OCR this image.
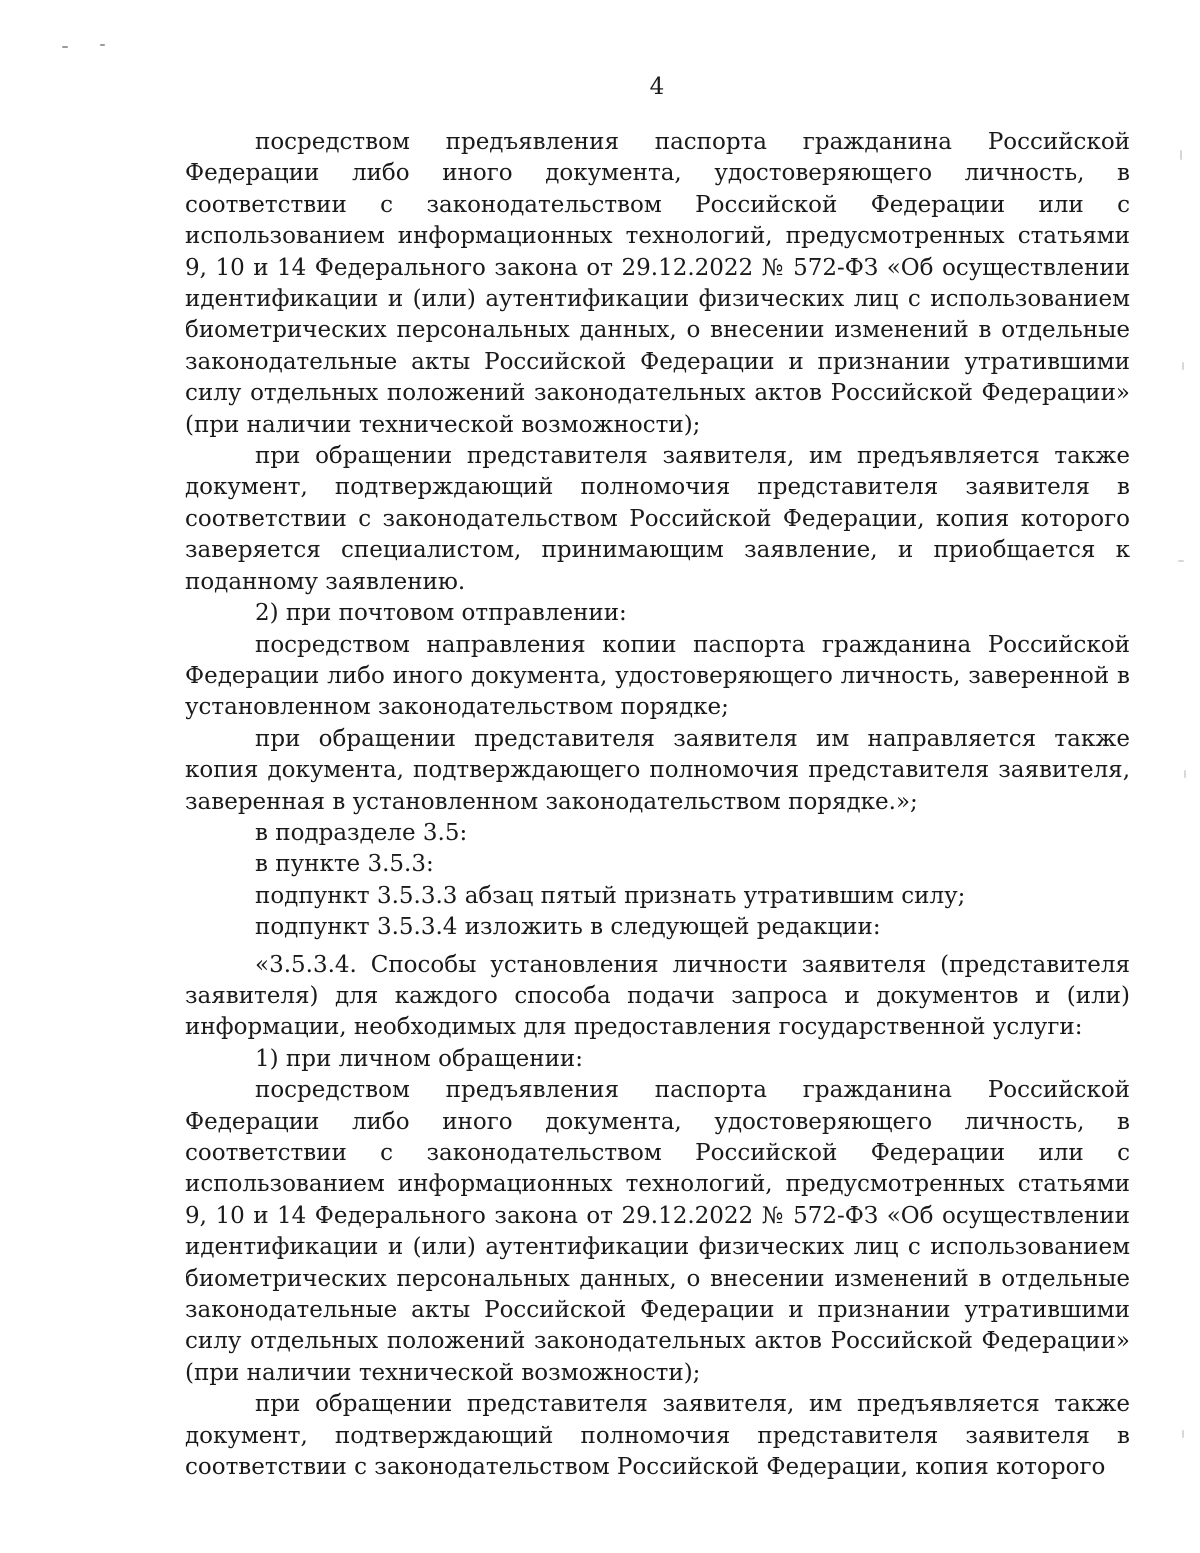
4

посредством предъявления паспорта гражданина Российской Федерации либо иного документа, удостоверяющего личность, в соответствии с законодательством Российской Федерации или с использованием информационных технологий, предусмотренных статьями 9, 10 и 14 Федерального закона от 29.12.2022 № 572-ФЗ «Об осуществлении идентификации и (или) аутентификации физических лиц с использованием биометрических персональных данных, о внесении изменений в отдельные законодательные акты Российской Федерации и признании утратившими силу отдельных положений законодательных актов Российской Федерации» (при наличии технической возможности);

при обращении представителя заявителя, им предъявляется также документ, подтверждающий полномочия представителя заявителя в соответствии с законодательством Российской Федерации, копия которого заверяется специалистом, принимающим заявление, и приобщается к поданному заявлению.

2) при почтовом отправлении:

посредством направления копии паспорта гражданина Российской Федерации либо иного документа, удостоверяющего личность, заверенной в установленном законодательством порядке;

при обращении представителя заявителя им направляется также копия документа, подтверждающего полномочия представителя заявителя, заверенная в установленном законодательством порядке.»;

в подразделе 3.5:

в пункте 3.5.3:

подпункт 3.5.3.3 абзац пятый признать утратившим силу;

подпункт 3.5.3.4 изложить в следующей редакции:

«3.5.3.4. Способы установления личности заявителя (представителя заявителя) для каждого способа подачи запроса и документов и (или) информации, необходимых для предоставления государственной услуги:

1) при личном обращении:

посредством предъявления паспорта гражданина Российской Федерации либо иного документа, удостоверяющего личность, в соответствии с законодательством Российской Федерации или с использованием информационных технологий, предусмотренных статьями 9, 10 и 14 Федерального закона от 29.12.2022 № 572-ФЗ «Об осуществлении идентификации и (или) аутентификации физических лиц с использованием биометрических персональных данных, о внесении изменений в отдельные законодательные акты Российской Федерации и признании утратившими силу отдельных положений законодательных актов Российской Федерации» (при наличии технической возможности);

при обращении представителя заявителя, им предъявляется также документ, подтверждающий полномочия представителя заявителя в соответствии с законодательством Российской Федерации, копия которого
